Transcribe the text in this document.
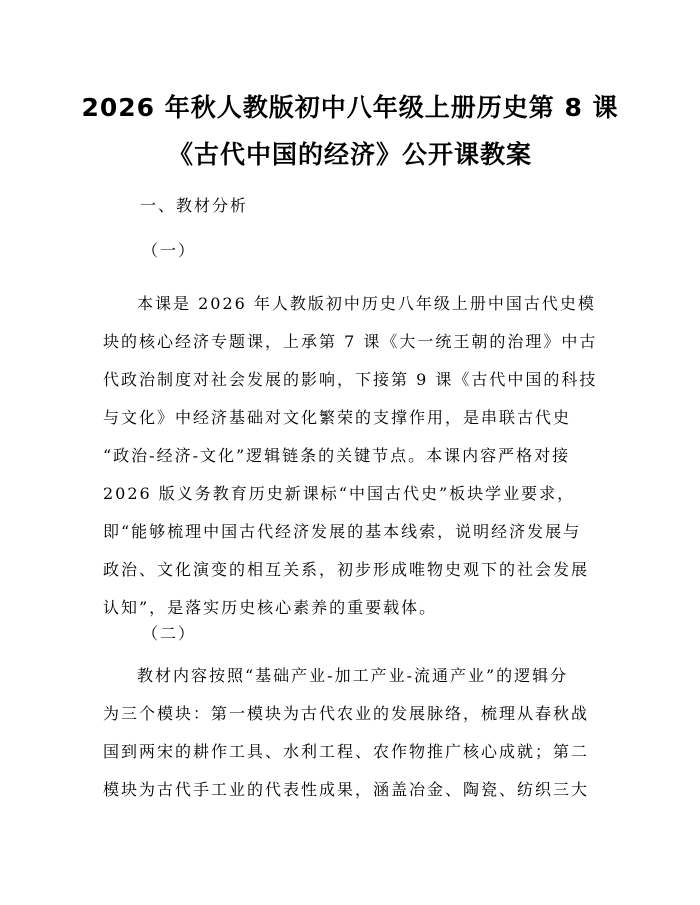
2026 年秋人教版初中八年级上册历史第 8 课
《古代中国的经济》公开课教案
一、教材分析
（一）
本课是 2026 年人教版初中历史八年级上册中国古代史模
块的核心经济专题课，上承第 7 课《大一统王朝的治理》中古
代政治制度对社会发展的影响，下接第 9 课《古代中国的科技
与文化》中经济基础对文化繁荣的支撑作用，是串联古代史
“政治-经济-文化”逻辑链条的关键节点。本课内容严格对接
2026 版义务教育历史新课标“中国古代史”板块学业要求，
即“能够梳理中国古代经济发展的基本线索，说明经济发展与
政治、文化演变的相互关系，初步形成唯物史观下的社会发展
认知”，是落实历史核心素养的重要载体。
（二）
教材内容按照“基础产业-加工产业-流通产业”的逻辑分
为三个模块：第一模块为古代农业的发展脉络，梳理从春秋战
国到两宋的耕作工具、水利工程、农作物推广核心成就；第二
模块为古代手工业的代表性成果，涵盖冶金、陶瓷、纺织三大
